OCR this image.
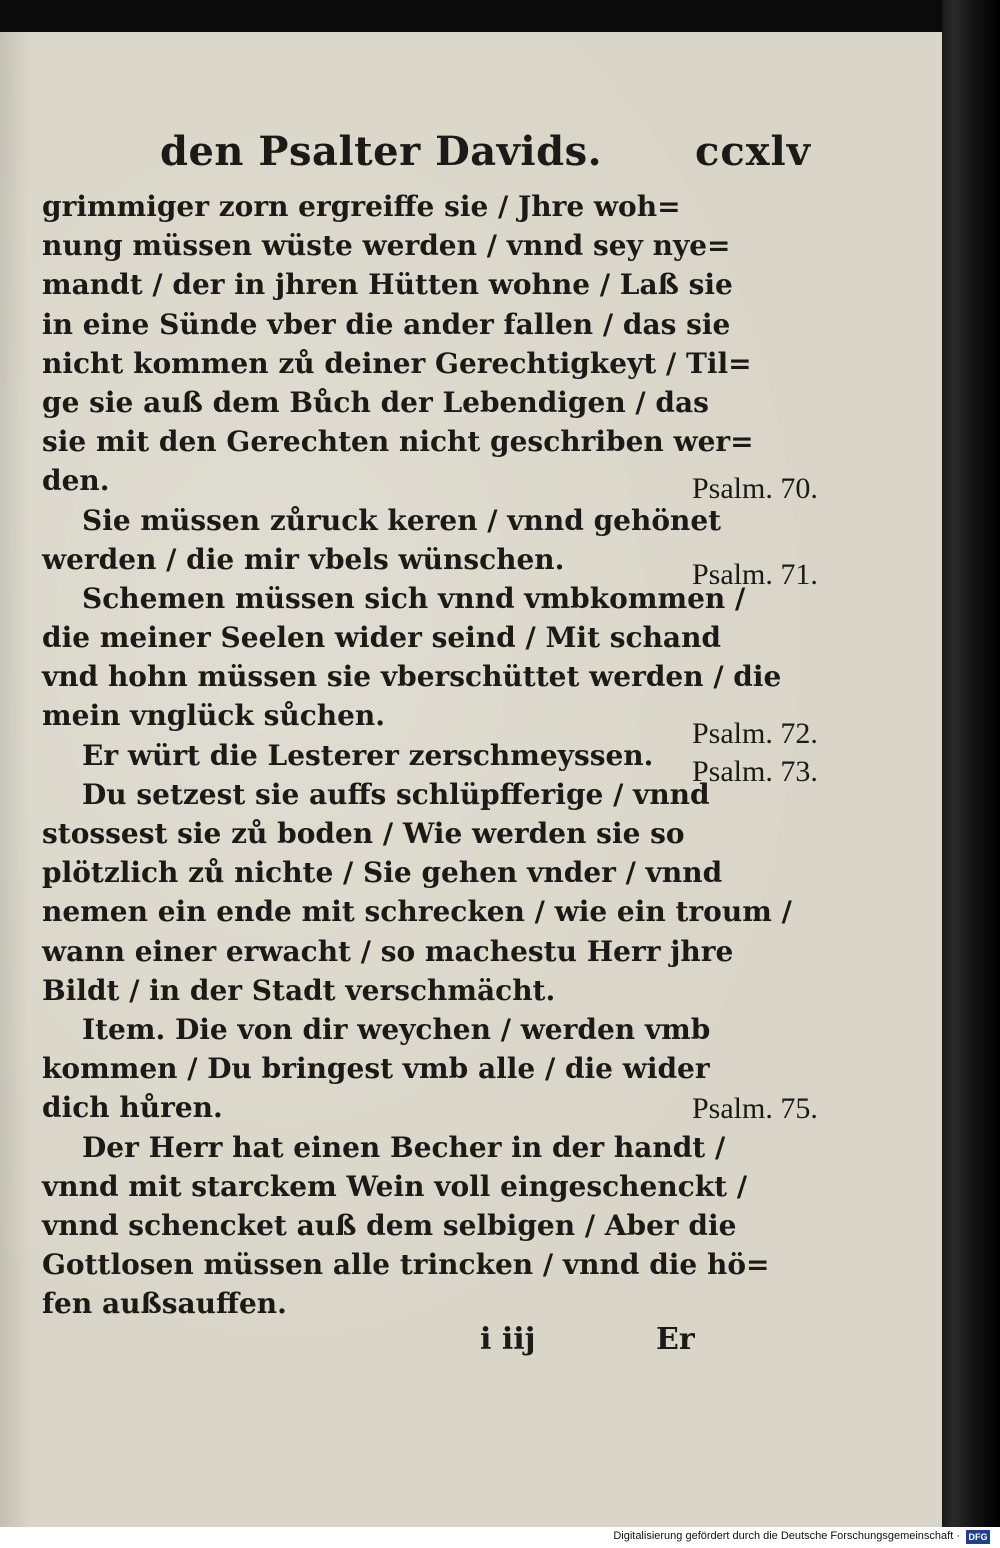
den Psalter Davids. ccxlv
grimmiger zorn ergreiffe sie / Jhre woh=
nung müssen wüste werden / vnnd sey nye=
mandt / der in jhren Hütten wohne / Laß sie
in eine Sünde vber die ander fallen / das sie
nicht kommen zů deiner Gerechtigkeyt / Til=
ge sie auß dem Bůch der Lebendigen / das
sie mit den Gerechten nicht geschriben wer=
den.
Sie müssen zůruck keren / vnnd gehönet
werden / die mir vbels wünschen.
Schemen müssen sich vnnd vmbkommen /
die meiner Seelen wider seind / Mit schand
vnd hohn müssen sie vberschüttet werden / die
mein vnglück sůchen.
Er würt die Lesterer zerschmeyssen.
Du setzest sie auffs schlüpfferige / vnnd
stossest sie zů boden / Wie werden sie so
plötzlich zů nichte / Sie gehen vnder / vnnd
nemen ein ende mit schrecken / wie ein troum /
wann einer erwacht / so machestu Herr jhre
Bildt / in der Stadt verschmächt.
Item. Die von dir weychen / werden vmb
kommen / Du bringest vmb alle / die wider
dich hůren.
Der Herr hat einen Becher in der handt /
vnnd mit starckem Wein voll eingeschenckt /
vnnd schencket auß dem selbigen / Aber die
Gottlosen müssen alle trincken / vnnd die hö=
fen außsauffen.
Psalm. 70.
Psalm. 71.
Psalm. 72.
Psalm. 73.
Psalm. 75.
i iij	Er
Digitalisierung gefördert durch die Deutsche Forschungsgemeinschaft · DFG
